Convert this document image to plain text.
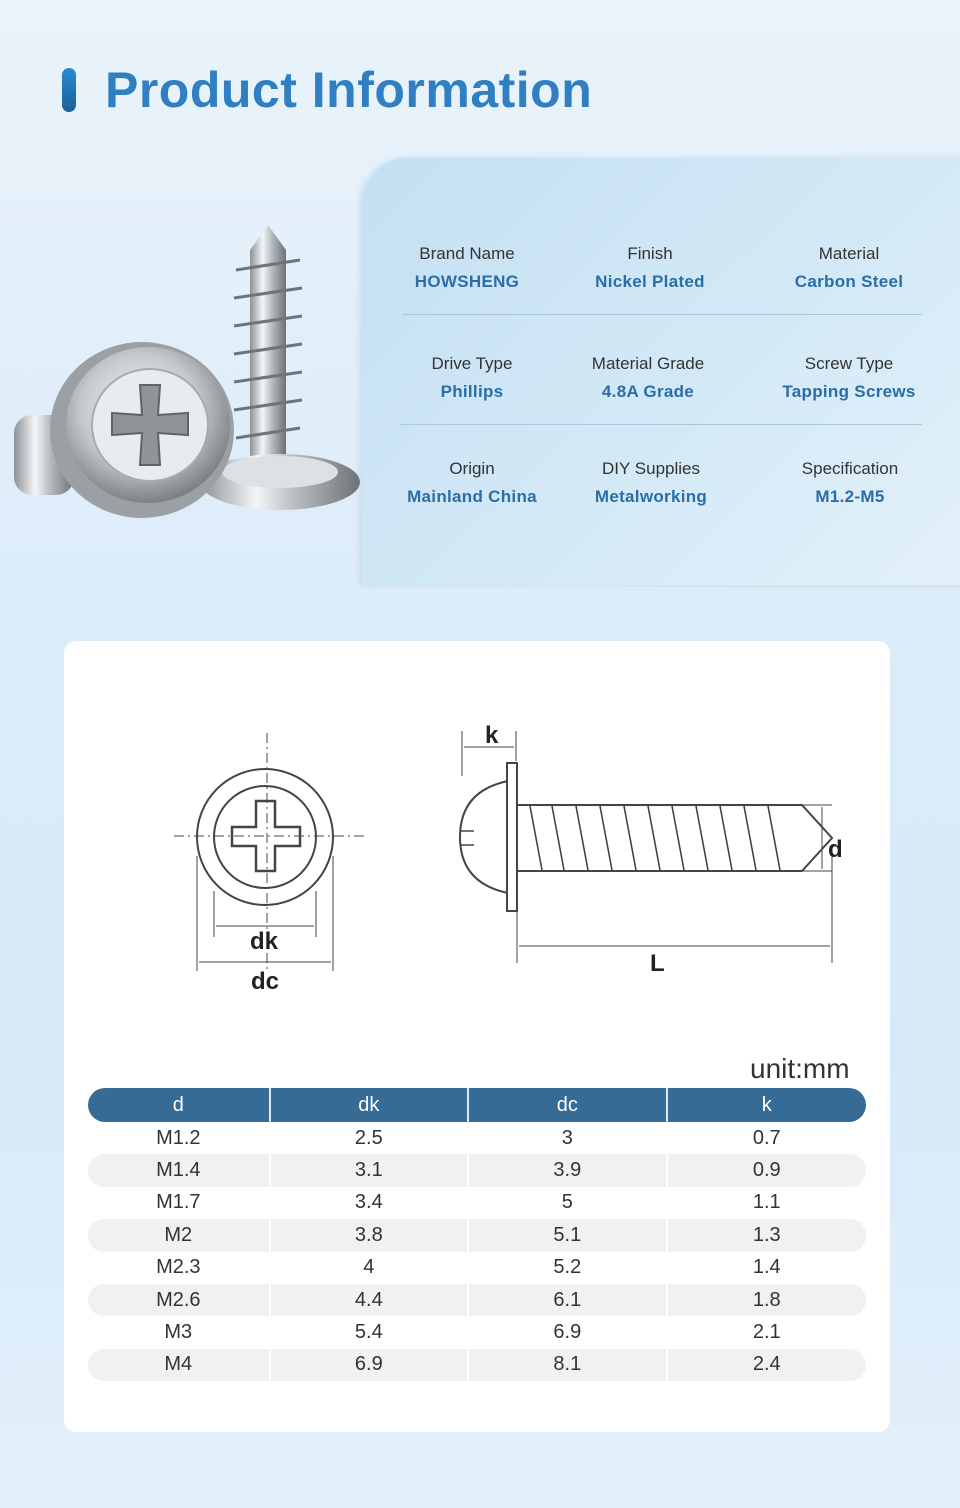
Product Information
Brand Name
HOWSHENG
Finish
Nickel Plated
Material
Carbon Steel
Drive Type
Phillips
Material Grade
4.8A Grade
Screw Type
Tapping Screws
Origin
Mainland China
DIY Supplies
Metalworking
Specification
M1.2-M5
dk
dc
k
d
L
unit:mm
d	dk	dc	k
M1.2	2.5	3	0.7
M1.4	3.1	3.9	0.9
M1.7	3.4	5	1.1
M2	3.8	5.1	1.3
M2.3	4	5.2	1.4
M2.6	4.4	6.1	1.8
M3	5.4	6.9	2.1
M4	6.9	8.1	2.4
